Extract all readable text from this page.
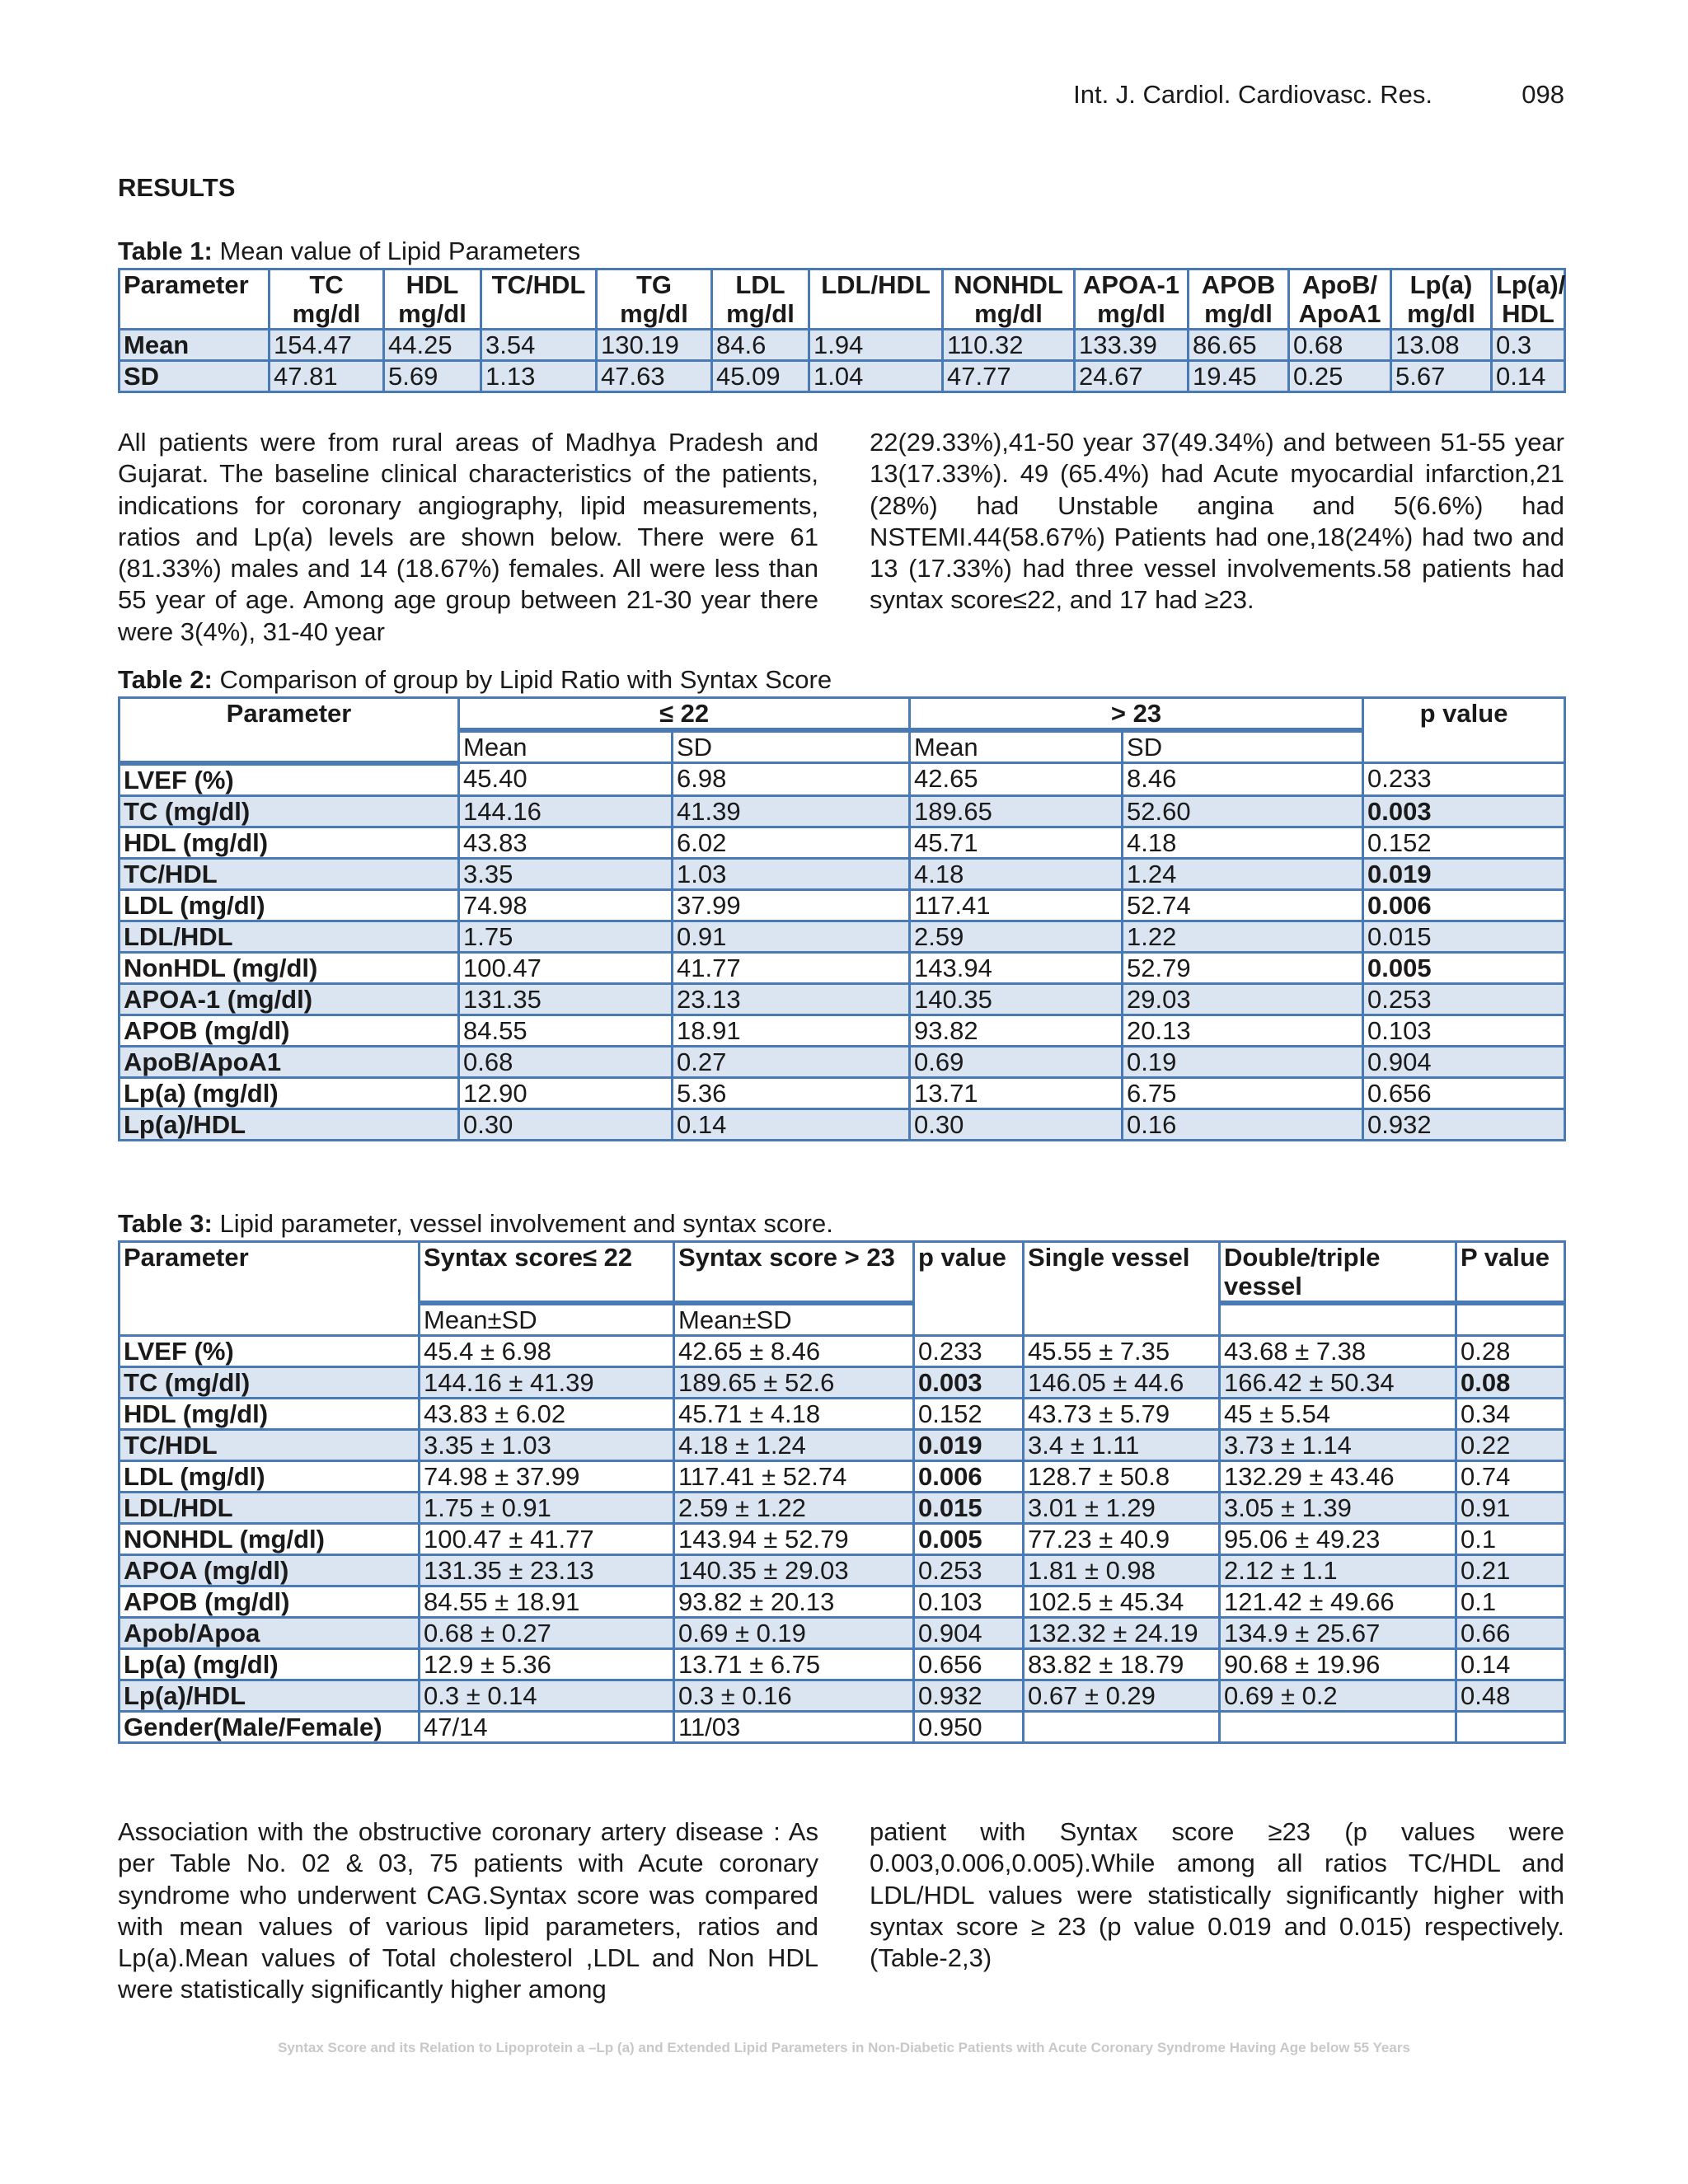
Int. J. Cardiol. Cardiovasc. Res.	098
RESULTS
Table 1: Mean value of Lipid Parameters
Parameter	TC mg/dl	HDL mg/dl	TC/HDL	TG mg/dl	LDL mg/dl	LDL/HDL	NONHDL mg/dl	APOA-1 mg/dl	APOB mg/dl	ApoB/ ApoA1	Lp(a) mg/dl	Lp(a)/ HDL
Mean	154.47	44.25	3.54	130.19	84.6	1.94	110.32	133.39	86.65	0.68	13.08	0.3
SD	47.81	5.69	1.13	47.63	45.09	1.04	47.77	24.67	19.45	0.25	5.67	0.14

All patients were from rural areas of Madhya Pradesh and Gujarat. The baseline clinical characteristics of the patients, indications for coronary angiography, lipid measurements, ratios and Lp(a) levels are shown below. There were 61 (81.33%) males and 14 (18.67%) females. All were less than 55 year of age. Among age group between 21-30 year there were 3(4%), 31-40 year

22(29.33%),41-50 year 37(49.34%) and between 51-55 year 13(17.33%). 49 (65.4%) had Acute myocardial infarction,21 (28%) had Unstable angina and 5(6.6%) had NSTEMI.44(58.67%) Patients had one,18(24%) had two and 13 (17.33%) had three vessel involvements.58 patients had syntax score≤22, and 17 had ≥23.

Table 2: Comparison of group by Lipid Ratio with Syntax Score
Parameter	≤ 22		> 23		p value
	Mean	SD	Mean	SD	
LVEF (%)	45.40	6.98	42.65	8.46	0.233
TC (mg/dl)	144.16	41.39	189.65	52.60	0.003
HDL (mg/dl)	43.83	6.02	45.71	4.18	0.152
TC/HDL	3.35	1.03	4.18	1.24	0.019
LDL (mg/dl)	74.98	37.99	117.41	52.74	0.006
LDL/HDL	1.75	0.91	2.59	1.22	0.015
NonHDL (mg/dl)	100.47	41.77	143.94	52.79	0.005
APOA-1 (mg/dl)	131.35	23.13	140.35	29.03	0.253
APOB (mg/dl)	84.55	18.91	93.82	20.13	0.103
ApoB/ApoA1	0.68	0.27	0.69	0.19	0.904
Lp(a) (mg/dl)	12.90	5.36	13.71	6.75	0.656
Lp(a)/HDL	0.30	0.14	0.30	0.16	0.932
Table 3: Lipid parameter, vessel involvement and syntax score.
Parameter	Syntax score≤ 22	Syntax score > 23	p value	Single vessel	Double/triple vessel	P value
	Mean±SD	Mean±SD				
LVEF (%)	45.4 ± 6.98	42.65 ± 8.46	0.233	45.55 ± 7.35	43.68 ± 7.38	0.28
TC (mg/dl)	144.16 ± 41.39	189.65 ± 52.6	0.003	146.05 ± 44.6	166.42 ± 50.34	0.08
HDL (mg/dl)	43.83 ± 6.02	45.71 ± 4.18	0.152	43.73 ± 5.79	45 ± 5.54	0.34
TC/HDL	3.35 ± 1.03	4.18 ± 1.24	0.019	3.4 ± 1.11	3.73 ± 1.14	0.22
LDL (mg/dl)	74.98 ± 37.99	117.41 ± 52.74	0.006	128.7 ± 50.8	132.29 ± 43.46	0.74
LDL/HDL	1.75 ± 0.91	2.59 ± 1.22	0.015	3.01 ± 1.29	3.05 ± 1.39	0.91
NONHDL (mg/dl)	100.47 ± 41.77	143.94 ± 52.79	0.005	77.23 ± 40.9	95.06 ± 49.23	0.1
APOA (mg/dl)	131.35 ± 23.13	140.35 ± 29.03	0.253	1.81 ± 0.98	2.12 ± 1.1	0.21
APOB (mg/dl)	84.55 ± 18.91	93.82 ± 20.13	0.103	102.5 ± 45.34	121.42 ± 49.66	0.1
Apob/Apoa	0.68 ± 0.27	0.69 ± 0.19	0.904	132.32 ± 24.19	134.9 ± 25.67	0.66
Lp(a) (mg/dl)	12.9 ± 5.36	13.71 ± 6.75	0.656	83.82 ± 18.79	90.68 ± 19.96	0.14
Lp(a)/HDL	0.3 ± 0.14	0.3 ± 0.16	0.932	0.67 ± 0.29	0.69 ± 0.2	0.48
Gender(Male/Female)	47/14	11/03	0.950			

Association with the obstructive coronary artery disease : As per Table No. 02 & 03, 75 patients with Acute coronary syndrome who underwent CAG.Syntax score was compared with mean values of various lipid parameters, ratios and Lp(a).Mean values of Total cholesterol ,LDL and Non HDL were statistically significantly higher among

patient with Syntax score ≥23 (p values were 0.003,0.006,0.005).While among all ratios TC/HDL and LDL/HDL values were statistically significantly higher with syntax score ≥ 23 (p value 0.019 and 0.015) respectively. (Table-2,3)

Syntax Score and its Relation to Lipoprotein a –Lp (a) and Extended Lipid Parameters in Non-Diabetic Patients with Acute Coronary Syndrome Having Age below 55 Years
